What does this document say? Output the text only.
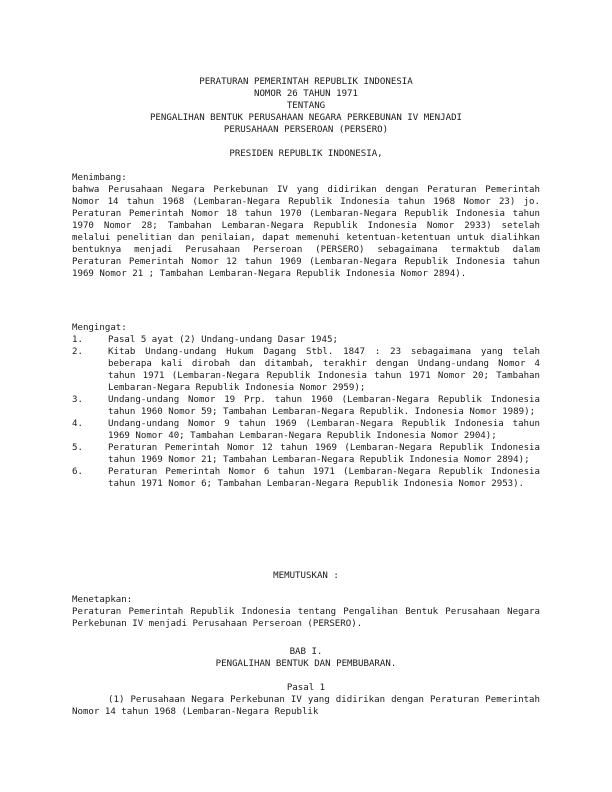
PERATURAN PEMERINTAH REPUBLIK INDONESIA
NOMOR 26 TAHUN 1971
TENTANG
PENGALIHAN BENTUK PERUSAHAAN NEGARA PERKEBUNAN IV MENJADI
PERUSAHAAN PERSEROAN (PERSERO)
PRESIDEN REPUBLIK INDONESIA,
Menimbang:
bahwa Perusahaan Negara Perkebunan IV yang didirikan dengan Peraturan Pemerintah Nomor 14 tahun 1968 (Lembaran-Negara Republik Indonesia tahun 1968 Nomor 23) jo. Peraturan Pemerintah Nomor 18 tahun 1970 (Lembaran-Negara Republik Indonesia tahun 1970 Nomor 28; Tambahan Lembaran-Negara Republik Indonesia Nomor 2933) setelah melalui penelitian dan penilaian, dapat memenuhi ketentuan-ketentuan untuk dialihkan bentuknya menjadi Perusahaan Perseroan (PERSERO) sebagaimana termaktub dalam Peraturan Pemerintah Nomor 12 tahun 1969 (Lembaran-Negara Republik Indonesia tahun 1969 Nomor 21 ; Tambahan Lembaran-Negara Republik Indonesia Nomor 2894).
Mengingat:
1.	Pasal 5 ayat (2) Undang-undang Dasar 1945;
2.	Kitab Undang-undang Hukum Dagang Stbl. 1847 : 23 sebagaimana yang telah beberapa kali dirobah dan ditambah, terakhir dengan Undang-undang Nomor 4 tahun 1971 (Lembaran-Negara Republik Indonesia tahun 1971 Nomor 20; Tambahan Lembaran-Negara Republik Indonesia Nomor 2959);
3.	Undang-undang Nomor 19 Prp. tahun 1960 (Lembaran-Negara Republik Indonesia tahun 1960 Nomor 59; Tambahan Lembaran-Negara Republik. Indonesia Nomor 1989);
4.	Undang-undang Nomor 9 tahun 1969 (Lembaran-Negara Republik Indonesia tahun 1969 Nomor 40; Tambahan Lembaran-Negara Republik Indonesia Nomor 2904);
5.	Peraturan Pemerintah Nomor 12 tahun 1969 (Lembaran-Negara Republik Indonesia tahun 1969 Nomor 21; Tambahan Lembaran-Negara Republik Indonesia Nomor 2894);
6.	Peraturan Pemerintah Nomor 6 tahun 1971 (Lembaran-Negara Republik Indonesia tahun 1971 Nomor 6; Tambahan Lembaran-Negara Republik Indonesia Nomor 2953).
MEMUTUSKAN :
Menetapkan:
Peraturan Pemerintah Republik Indonesia tentang Pengalihan Bentuk Perusahaan Negara Perkebunan IV menjadi Perusahaan Perseroan (PERSERO).
BAB I.
PENGALIHAN BENTUK DAN PEMBUBARAN.
Pasal 1
(1) Perusahaan Negara Perkebunan IV yang didirikan dengan Peraturan Pemerintah Nomor 14 tahun 1968 (Lembaran-Negara Republik
